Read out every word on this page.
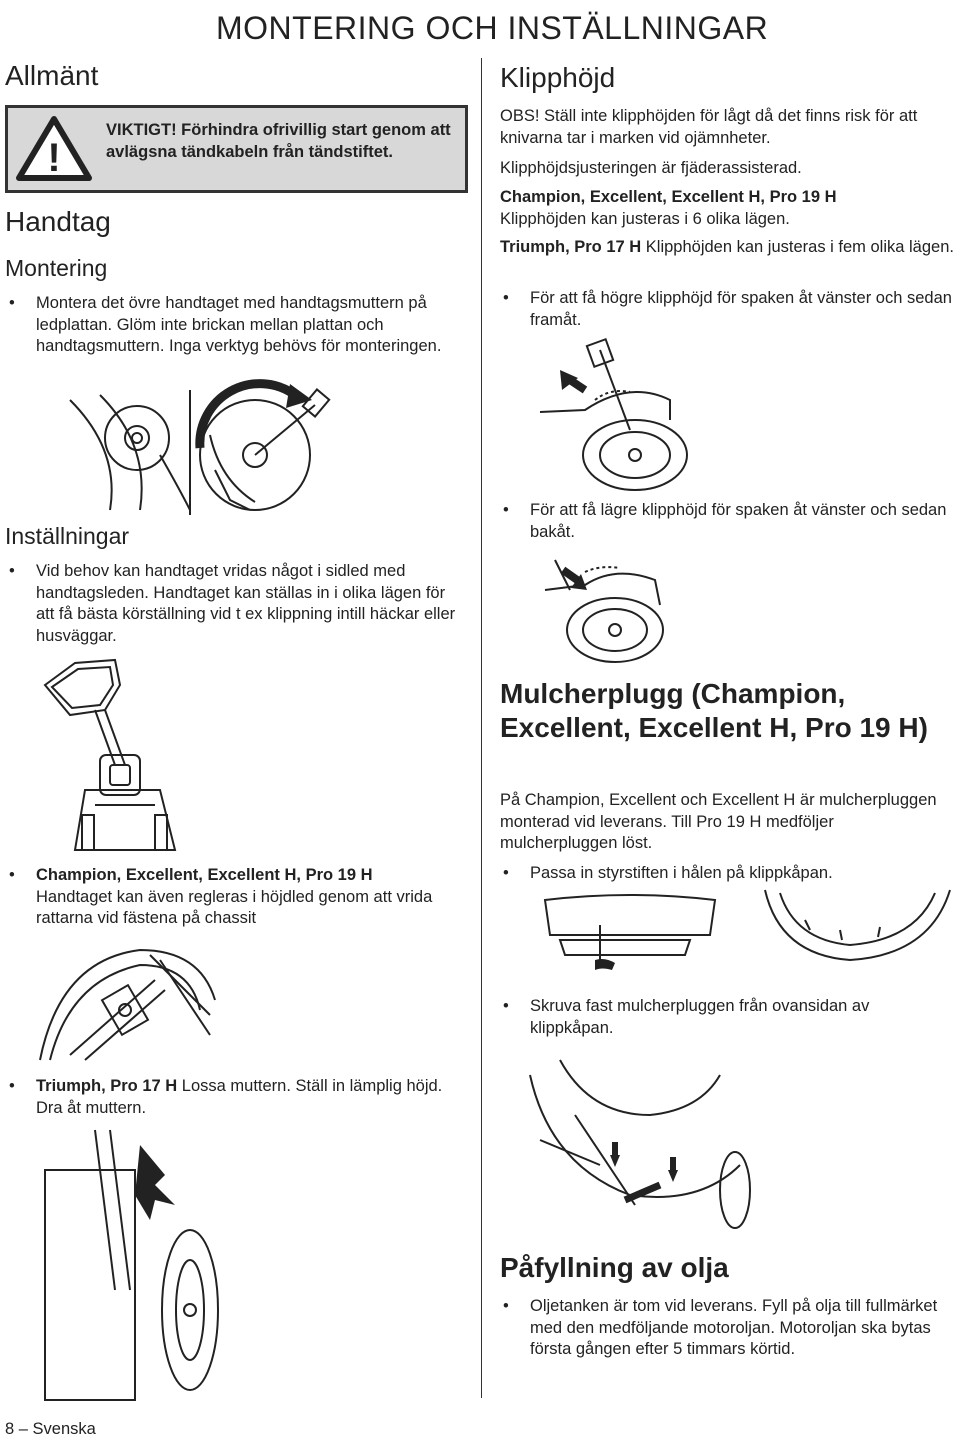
MONTERING OCH INSTÄLLNINGAR
Allmänt
!
VIKTIGT! Förhindra ofrivillig start genom att avlägsna tändkabeln från tändstiftet.
Handtag
Montering
• Montera det övre handtaget med handtagsmuttern på ledplattan. Glöm inte brickan mellan plattan och handtagsmuttern. Inga verktyg behövs för monteringen.
Inställningar
• Vid behov kan handtaget vridas något i sidled med handtagsleden. Handtaget kan ställas in i olika lägen för att få bästa körställning vid t ex klippning intill häckar eller husväggar.
• Champion, Excellent, Excellent H, Pro 19 H
Handtaget kan även regleras i höjdled genom att vrida rattarna vid fästena på chassit
• Triumph, Pro 17 H Lossa muttern. Ställ in lämplig höjd. Dra åt muttern.
8 – Svenska
Klipphöjd
OBS! Ställ inte klipphöjden för lågt då det finns risk för att knivarna tar i marken vid ojämnheter.
Klipphöjdsjusteringen är fjäderassisterad.
Champion, Excellent, Excellent H, Pro 19 H
Klipphöjden kan justeras i 6 olika lägen.
Triumph, Pro 17 H Klipphöjden kan justeras i fem olika lägen.
• För att få högre klipphöjd för spaken åt vänster och sedan framåt.
• För att få lägre klipphöjd för spaken åt vänster och sedan bakåt.
Mulcherplugg (Champion, Excellent, Excellent H, Pro 19 H)
På Champion, Excellent och Excellent H är mulcherpluggen monterad vid leverans. Till Pro 19 H medföljer mulcherpluggen löst.
• Passa in styrstiften i hålen på klippkåpan.
• Skruva fast mulcherpluggen från ovansidan av klippkåpan.
Påfyllning av olja
• Oljetanken är tom vid leverans. Fyll på olja till fullmärket med den medföljande motoroljan. Motoroljan ska bytas första gången efter 5 timmars körtid.
